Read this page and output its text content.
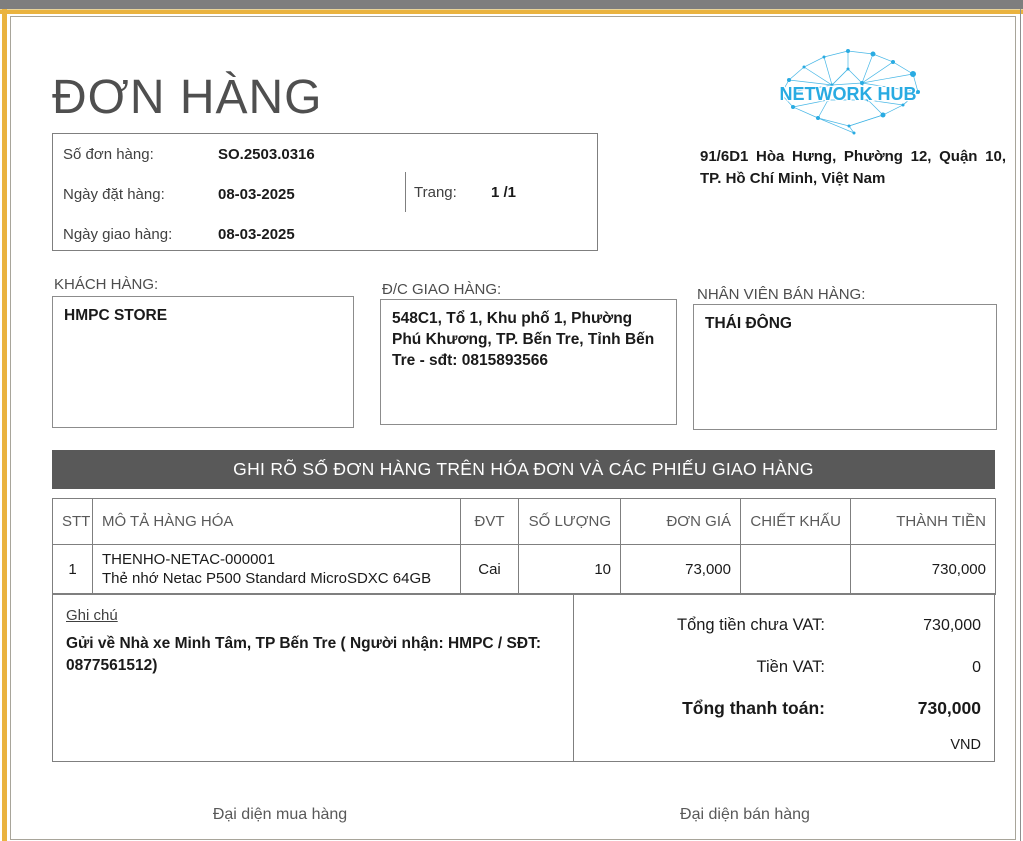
ĐƠN HÀNG	NETWORK HUB
Số đơn hàng:	SO.2503.0316
Ngày đặt hàng:	08-03-2025
Ngày giao hàng:	08-03-2025
Trang: 1 /1
91/6D1 Hòa Hưng, Phường 12, Quận 10, TP. Hồ Chí Minh, Việt Nam
KHÁCH HÀNG:
HMPC STORE
Đ/C GIAO HÀNG:
548C1, Tổ 1, Khu phố 1, Phường Phú Khương, TP. Bến Tre, Tỉnh Bến Tre - sđt: 0815893566
NHÂN VIÊN BÁN HÀNG:
THÁI ĐÔNG
GHI RÕ SỐ ĐƠN HÀNG TRÊN HÓA ĐƠN VÀ CÁC PHIẾU GIAO HÀNG
STT	MÔ TẢ HÀNG HÓA	ĐVT	SỐ LƯỢNG	ĐƠN GIÁ	CHIẾT KHẤU	THÀNH TIỀN
1	THENHO-NETAC-000001
Thẻ nhớ Netac P500 Standard MicroSDXC 64GB	Cai	10	73,000		730,000
Ghi chú
Gửi về Nhà xe Minh Tâm, TP Bến Tre ( Người nhận: HMPC / SĐT: 0877561512)
Tổng tiền chưa VAT:	730,000
Tiền VAT:	0
Tổng thanh toán:	730,000
VND
Đại diện mua hàng	Đại diện bán hàng
